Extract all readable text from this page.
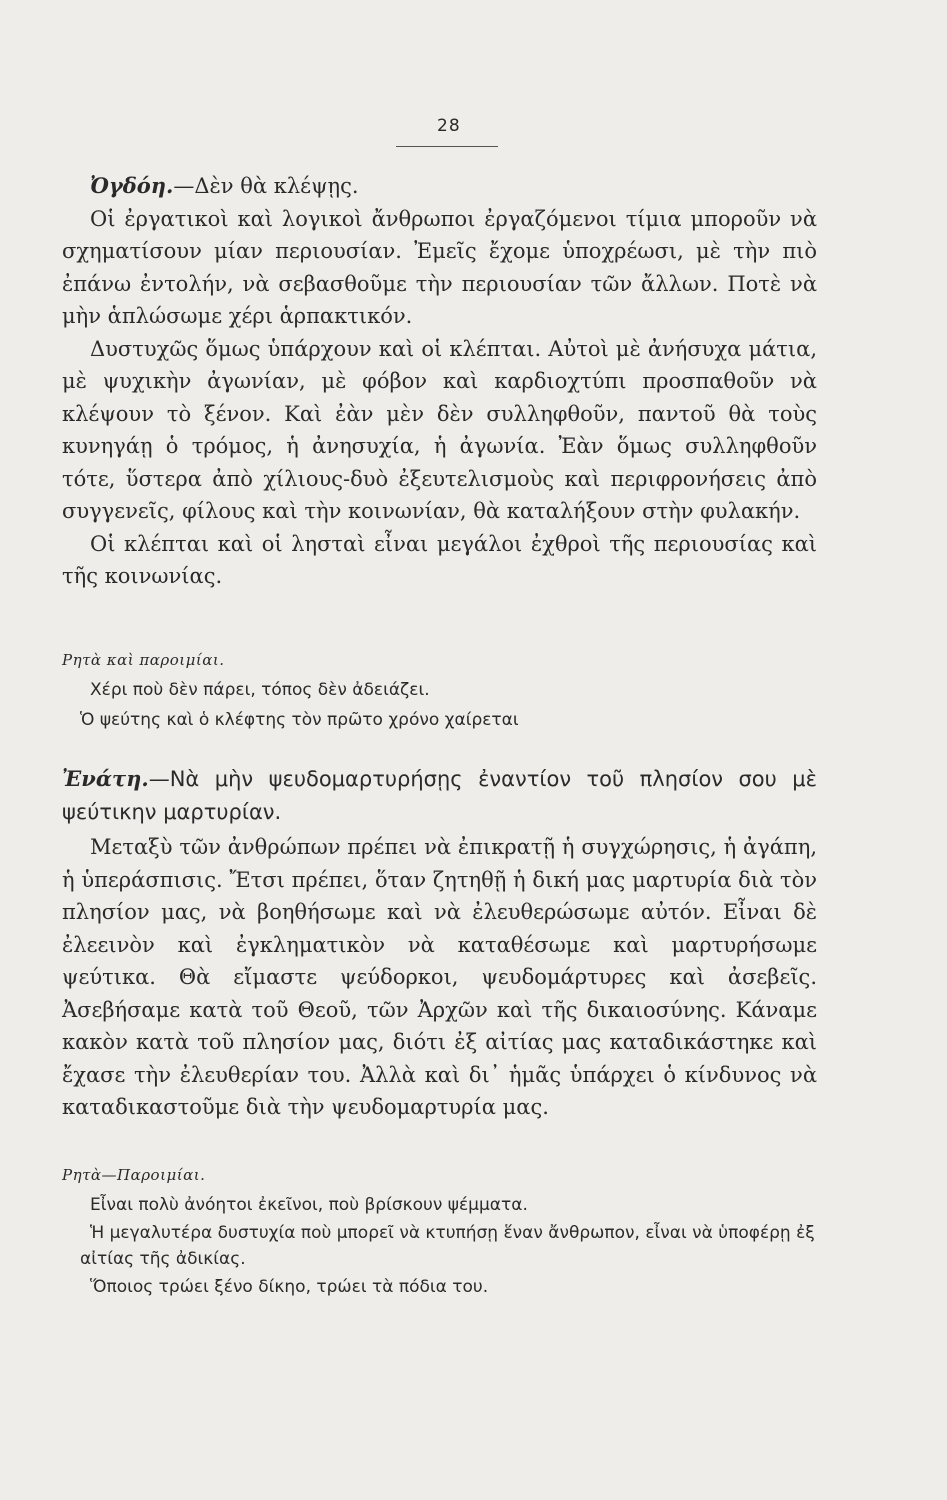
28

Ὀγδόη.—Δὲν θὰ κλέψῃς.

Οἱ ἐργατικοὶ καὶ λογικοὶ ἄνθρωποι ἐργαζόμενοι τίμια μποροῦν νὰ σχηματίσουν μίαν περιουσίαν. Ἐμεῖς ἔχομε ὑποχρέωσι, μὲ τὴν πιὸ ἐπάνω ἐντολήν, νὰ σεβασθοῦμε τὴν περιουσίαν τῶν ἄλλων. Ποτὲ νὰ μὴν ἁπλώσωμε χέρι ἁρπακτικόν.

Δυστυχῶς ὅμως ὑπάρχουν καὶ οἱ κλέπται. Αὐτοὶ μὲ ἀνήσυχα μάτια, μὲ ψυχικὴν ἀγωνίαν, μὲ φόβον καὶ καρδιοχτύπι προσπαθοῦν νὰ κλέψουν τὸ ξένον. Καὶ ἐὰν μὲν δὲν συλληφθοῦν, παντοῦ θὰ τοὺς κυνηγάῃ ὁ τρόμος, ἡ ἀνησυχία, ἡ ἀγωνία. Ἐὰν ὅμως συλληφθοῦν τότε, ὕστερα ἀπὸ χίλιους-δυὸ ἐξευτελισμοὺς καὶ περιφρονήσεις ἀπὸ συγγενεῖς, φίλους καὶ τὴν κοινωνίαν, θὰ καταλήξουν στὴν φυλακήν.

Οἱ κλέπται καὶ οἱ λησταὶ εἶναι μεγάλοι ἐχθροὶ τῆς περιουσίας καὶ τῆς κοινωνίας.

Ρητὰ καὶ παροιμίαι.

Χέρι ποὺ δὲν πάρει, τόπος δὲν ἀδειάζει.

Ὁ ψεύτης καὶ ὁ κλέφτης τὸν πρῶτο χρόνο χαίρεται

Ἐνάτη.—Νὰ μὴν ψευδομαρτυρήσῃς ἐναντίον τοῦ πλησίον σου μὲ ψεύτικην μαρτυρίαν.

Μεταξὺ τῶν ἀνθρώπων πρέπει νὰ ἐπικρατῇ ἡ συγχώρησις, ἡ ἀγάπη, ἡ ὑπεράσπισις. Ἔτσι πρέπει, ὅταν ζητηθῇ ἡ δική μας μαρτυρία διὰ τὸν πλησίον μας, νὰ βοηθήσωμε καὶ νὰ ἐλευθερώσωμε αὐτόν. Εἶναι δὲ ἐλεεινὸν καὶ ἐγκληματικὸν νὰ καταθέσωμε καὶ μαρτυρήσωμε ψεύτικα. Θὰ εἴμαστε ψεύδορκοι, ψευδομάρτυρες καὶ ἀσεβεῖς. Ἀσεβήσαμε κατὰ τοῦ Θεοῦ, τῶν Ἀρχῶν καὶ τῆς δικαιοσύνης. Κάναμε κακὸν κατὰ τοῦ πλησίον μας, διότι ἐξ αἰτίας μας καταδικάστηκε καὶ ἔχασε τὴν ἐλευθερίαν του. Ἀλλὰ καὶ δι᾿ ἡμᾶς ὑπάρχει ὁ κίνδυνος νὰ καταδικαστοῦμε διὰ τὴν ψευδομαρτυρία μας.

Ρητὰ—Παροιμίαι.

Εἶναι πολὺ ἀνόητοι ἐκεῖνοι, ποὺ βρίσκουν ψέμματα.

Ἡ μεγαλυτέρα δυστυχία ποὺ μπορεῖ νὰ κτυπήσῃ ἕναν ἄνθρωπον, εἶναι νὰ ὑποφέρῃ ἐξ αἰτίας τῆς ἀδικίας.

Ὅποιος τρώει ξένο δίκηο, τρώει τὰ πόδια του.
